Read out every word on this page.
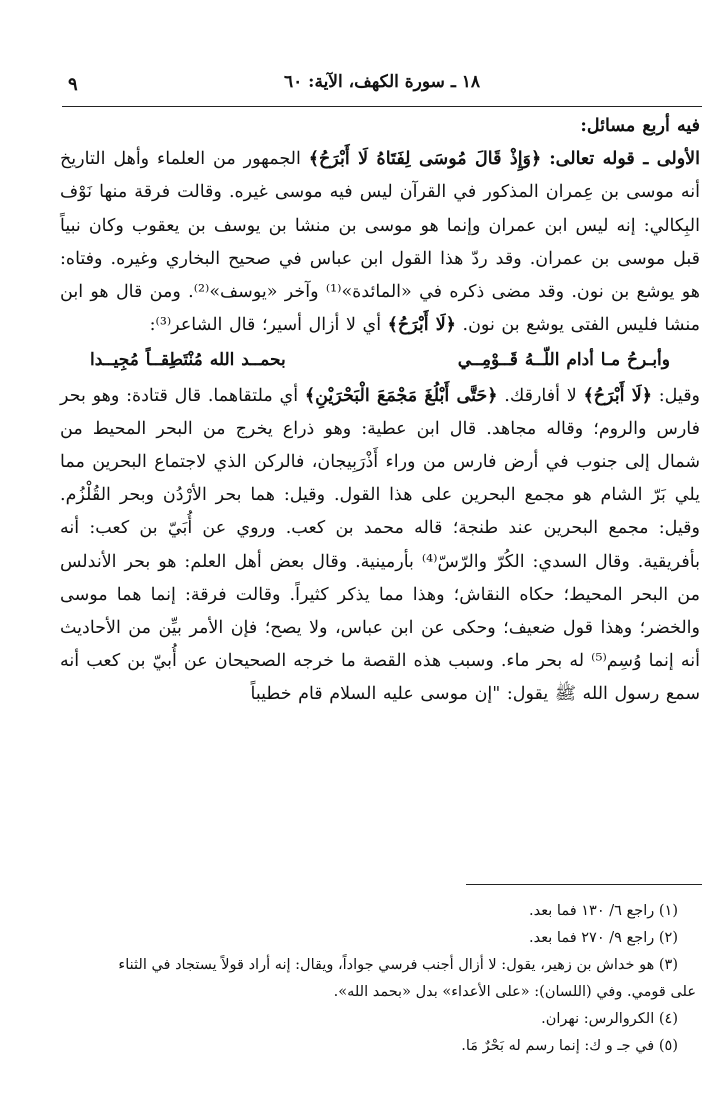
١٨ ـ سورة الكهف، الآية: ٦٠
٩

فيه أربع مسائل:

الأولى ـ قوله تعالى: ﴿وَإِذْ قَالَ مُوسَى لِفَتَاهُ لَا أَبْرَحُ﴾ الجمهور من العلماء وأهل التاريخ أنه موسى بن عِمران المذكور في القرآن ليس فيه موسى غيره. وقالت فرقة منها نَوْف البِكالي: إنه ليس ابن عمران وإنما هو موسى بن منشا بن يوسف بن يعقوب وكان نبياً قبل موسى بن عمران. وقد ردّ هذا القول ابن عباس في صحيح البخاري وغيره. وفتاه: هو يوشع بن نون. وقد مضى ذكره في «المائدة»⁽¹⁾ وآخر «يوسف»⁽²⁾. ومن قال هو ابن منشا فليس الفتى يوشع بن نون. ﴿لَا أَبْرَحُ﴾ أي لا أزال أسير؛ قال الشاعر⁽³⁾:

وأبـرحُ مـا أدام اللّــهُ قَــوْمِــي
بحمــد الله مُنْتَطِقــاً مُجِيــدا

وقيل: ﴿لَا أَبْرَحُ﴾ لا أفارقك. ﴿حَتَّى أَبْلُغَ مَجْمَعَ الْبَحْرَيْنِ﴾ أي ملتقاهما. قال قتادة: وهو بحر فارس والروم؛ وقاله مجاهد. قال ابن عطية: وهو ذراع يخرج من البحر المحيط من شمال إلى جنوب في أرض فارس من وراء أَذْرَبِيجان، فالركن الذي لاجتماع البحرين مما يلي بَرّ الشام هو مجمع البحرين على هذا القول. وقيل: هما بحر الأرْدُن وبحر القُلْزُم. وقيل: مجمع البحرين عند طنجة؛ قاله محمد بن كعب. وروي عن أُبَيّ بن كعب: أنه بأفريقية. وقال السدي: الكُرّ والرّسّ⁽⁴⁾ بأرمينية. وقال بعض أهل العلم: هو بحر الأندلس من البحر المحيط؛ حكاه النقاش؛ وهذا مما يذكر كثيراً. وقالت فرقة: إنما هما موسى والخضر؛ وهذا قول ضعيف؛ وحكى عن ابن عباس، ولا يصح؛ فإن الأمر بيِّن من الأحاديث أنه إنما وُسِم⁽⁵⁾ له بحر ماء. وسبب هذه القصة ما خرجه الصحيحان عن أُبيّ بن كعب أنه سمع رسول الله ﷺ يقول: "إن موسى عليه السلام قام خطيباً

(١) راجع ٦/ ١٣٠ فما بعد.

(٢) راجع ٩/ ٢٧٠ فما بعد.

(٣) هو خداش بن زهير، يقول: لا أزال أجنب فرسي جواداً، ويقال: إنه أراد قولاً يستجاد في الثناء

على قومي. وفي (اللسان): «على الأعداء» بدل «بحمد الله».

(٤) الكروالرس: نهران.

(٥) في جـ و ك: إنما رسم له بَحْرٌ مَا.
